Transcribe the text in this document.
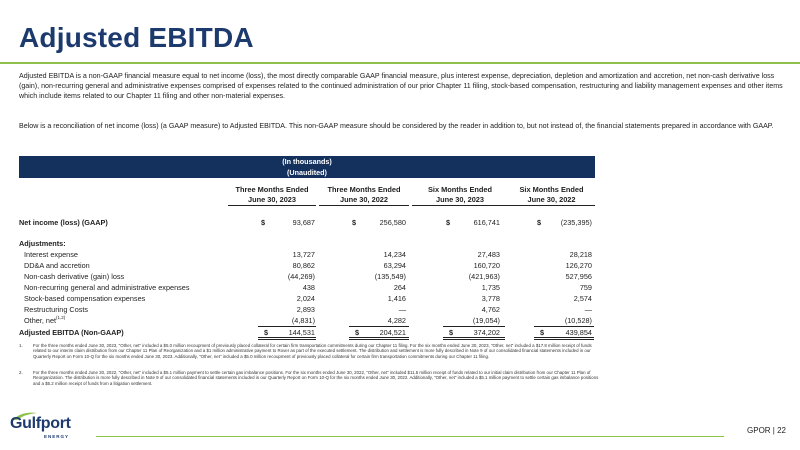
Adjusted EBITDA

Adjusted EBITDA is a non-GAAP financial measure equal to net income (loss), the most directly comparable GAAP financial measure, plus interest expense, depreciation, depletion and amortization and accretion, net non-cash derivative loss (gain), non-recurring general and administrative expenses comprised of expenses related to the continued administration of our prior Chapter 11 filing, stock-based compensation, restructuring and liability management expenses and other items which include items related to our Chapter 11 filing and other non-material expenses.

Below is a reconciliation of net income (loss) (a GAAP measure) to Adjusted EBITDA. This non-GAAP measure should be considered by the reader in addition to, but not instead of, the financial statements prepared in accordance with GAAP.

(In thousands)
(Unaudited)
Three Months Ended
June 30, 2023
Three Months Ended
June 30, 2022
Six Months Ended
June 30, 2023
Six Months Ended
June 30, 2022
Net income (loss) (GAAP)	$	93,687	$	256,580	$	616,741	$	(235,395)
Adjustments:
Interest expense	13,727	14,234	27,483	28,218
DD&A and accretion	80,862	63,294	160,720	126,270
Non-cash derivative (gain) loss	(44,269)	(135,549)	(421,963)	527,956
Non-recurring general and administrative expenses	438	264	1,735	759
Stock-based compensation expenses	2,024	1,416	3,778	2,574
Restructuring Costs	2,893	—	4,762	—
Other, net$^{(1,2)}$	(4,831)	4,282	(19,054)	(10,528)
Adjusted EBITDA (Non-GAAP)	$	144,531	$	204,521	$	374,202	$	439,854
1. For the three months ended June 30, 2023, "Other, net" included a $5.0 million recoupment of previously placed collateral for certain firm transportation commitments during our Chapter 11 filing. For the six months ended June 30, 2023, "Other, net" included a $17.8 million receipt of funds related to our interim claim distribution from our Chapter 11 Plan of Reorganization and a $1 million administrative payment to Rover as part of the executed settlement. The distribution and settlement is more fully described in Note 9 of our consolidated financial statements included in our Quarterly Report on Form 10-Q for the six months ended June 30, 2023. Additionally, "Other, net" included a $5.0 million recoupment of previously placed collateral for certain firm transportation commitments during our Chapter 11 filing.
2. For the three months ended June 30, 2022, "Other, net" included a $5.1 million payment to settle certain gas imbalance positions. For the six months ended June 30, 2022, "Other, net" included $11.5 million receipt of funds related to our initial claim distribution from our Chapter 11 Plan of Reorganization. The distribution is more fully described in Note 9 of our consolidated financial statements included in our Quarterly Report on Form 10-Q for the six months ended June 30, 2022. Additionally, "Other, net" included a $5.1 million payment to settle certain gas imbalance positions and a $5.2 million receipt of funds from a litigation settlement.
Gulfport
ENERGY
GPOR | 22
